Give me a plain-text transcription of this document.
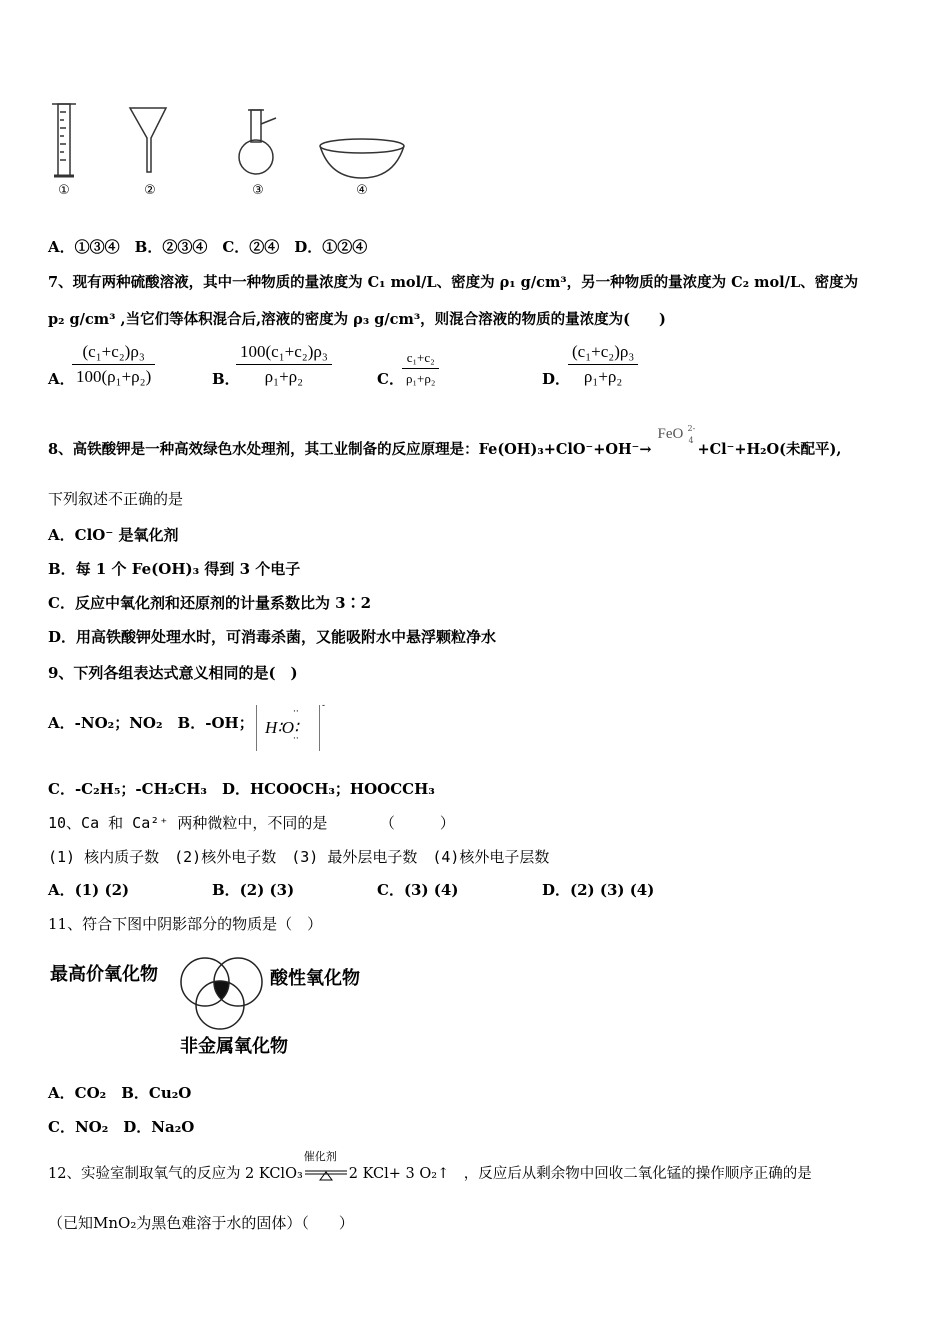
①	②	③	④
A．①③④　B．②③④　C．②④　D．①②④
7、现有两种硫酸溶液，其中一种物质的量浓度为 C₁ mol/L、密度为 ρ₁ g/cm³，另一种物质的量浓度为 C₂ mol/L、密度为
p₂ g/cm³ ,当它们等体积混合后,溶液的密度为 ρ₃ g/cm³，则混合溶液的物质的量浓度为(　　)
A．
(c₁+c₂)ρ₃
100(ρ₁+ρ₂)	B．
100(c₁+c₂)ρ₃
ρ₁+ρ₂	C．
c₁+c₂
ρ₁+ρ₂	D．
(c₁+c₂)ρ₃
ρ₁+ρ₂
8、高铁酸钾是一种高效绿色水处理剂，其工业制备的反应原理是：Fe(OH)₃+ClO⁻+OH⁻→
FeO 2-
4
+Cl⁻+H₂O(未配平),
下列叙述不正确的是
A．ClO⁻ 是氧化剂
B．每 1 个 Fe(OH)₃ 得到 3 个电子
C．反应中氧化剂和还原剂的计量系数比为 3∶2
D．用高铁酸钾处理水时，可消毒杀菌，又能吸附水中悬浮颗粒净水
9、下列各组表达式意义相同的是(　)
A．-NO₂；NO₂　B．-OH； H∶O∶
··
··
-
C．-C₂H₅；-CH₂CH₃　D．HCOOCH₃；HOOCCH₃
10、Ca 和 Ca²⁺ 两种微粒中，不同的是　　　　（　　　）
(1) 核内质子数　(2)核外电子数　(3) 最外层电子数　(4)核外电子层数
A．(1) (2)	B．(2) (3)	C．(3) (4)	D．(2) (3) (4)
11、符合下图中阴影部分的物质是（　）
最高价氧化物	酸性氧化物
非金属氧化物
A．CO₂　B．Cu₂O
C．NO₂　D．Na₂O
12、实验室制取氧气的反应为 2 KClO₃
催化剂
2 KCl+ 3 O₂↑　，反应后从剩余物中回收二氧化锰的操作顺序正确的是
（已知MnO₂为黑色难溶于水的固体）（　　）
